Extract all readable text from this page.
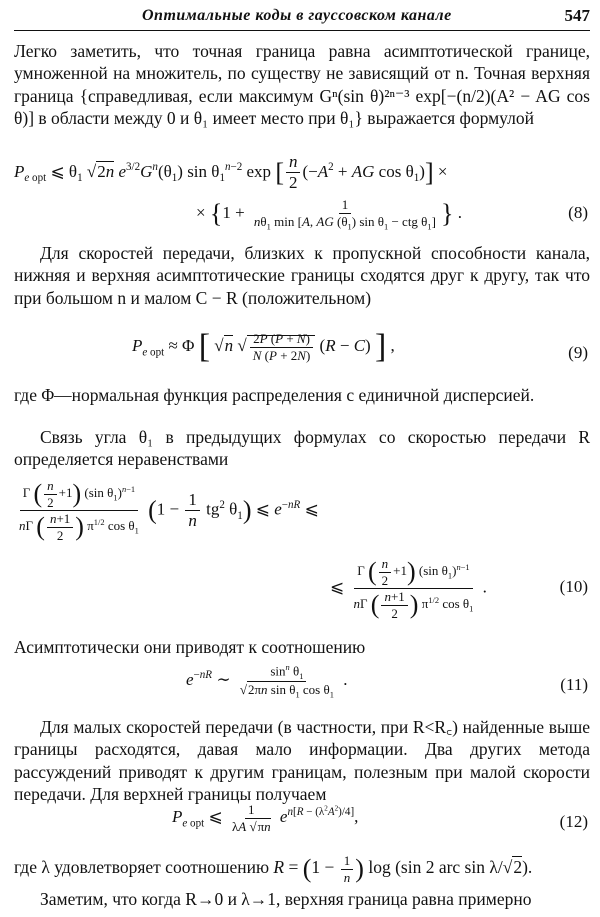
Оптимальные коды в гауссовском канале	547

Легко заметить, что точная граница равна асимптотической границе, умноженной на множитель, по существу не зависящий от n. Точная верхняя граница {справедливая, если максимум Gⁿ(sin θ)²ⁿ⁻³ exp[−(n/2)(A² − AG cos θ)] в области между 0 и θ₁ имеет место при θ₁} выражается формулой

$P_{e opt}$ ⩽ $\theta_1$ √2n $e^{3/2}G^n(\theta_1)$ $\sin \theta_1^{n-2}$ exp [ $\frac{n}{2} (-A^2$ + AG $\cos \theta_1$)] ×
× {$1 + \frac{1}{n\theta_1 \min [A, AG (\theta_1) \sin \theta_1 - ctg \theta_1]}$ } .	(8)

Для скоростей передачи, близких к пропускной способности канала, нижняя и верхняя асимптотические границы сходятся друг к другу, так что при большом n и малом C − R (положительном)

$P_{e opt} \approx \Phi$ [ √n √ $\frac{2P (P + N)}{N (P + 2N)} (R - C)$ ] ,	(9)

где Φ—нормальная функция распределения с единичной дисперсией.

Связь угла θ₁ в предыдущих формулах со скоростью передачи R определяется неравенствами

$\frac{\Gamma ( \frac{n}{2} +1) (\sin \theta_1)^{n-1}}{n\Gamma ( \frac{n+1}{2} ) \pi^{1/2} \cos \theta_1} (1 - \frac{1}{n} tg^2$ $\theta_1$) ⩽ $e^{-nR}$ ⩽
⩽ $\frac{\Gamma ( \frac{n}{2} +1) (\sin \theta_1)^{n-1}}{n\Gamma ( \frac{n+1}{2} ) \pi^{1/2} \cos \theta_1}$ .	(10)

Асимптотически они приводят к соотношению

$e^{-nR}$ ∼ $\frac{\sin^n \theta_1}{√2\pi n \sin \theta_1 \cos \theta_1}$ .	(11)

Для малых скоростей передачи (в частности, при R<R꜀) найденные выше границы расходятся, давая мало информации. Два других метода рассуждений приводят к другим границам, полезным при малой скорости передачи. Для верхней границы получаем

$P_{e opt}$ ⩽ $\frac{1}{\lambda A √\pi n} e^{n[R - (\lambda^2A^2)/4]}$,	(12)
где λ удовлетворяет соотношению $R = (1 - \frac{1}{n}$ ) log (sin 2 arc sin λ/√2).

Заметим, что когда R→0 и λ→1, верхняя граница равна примерно
